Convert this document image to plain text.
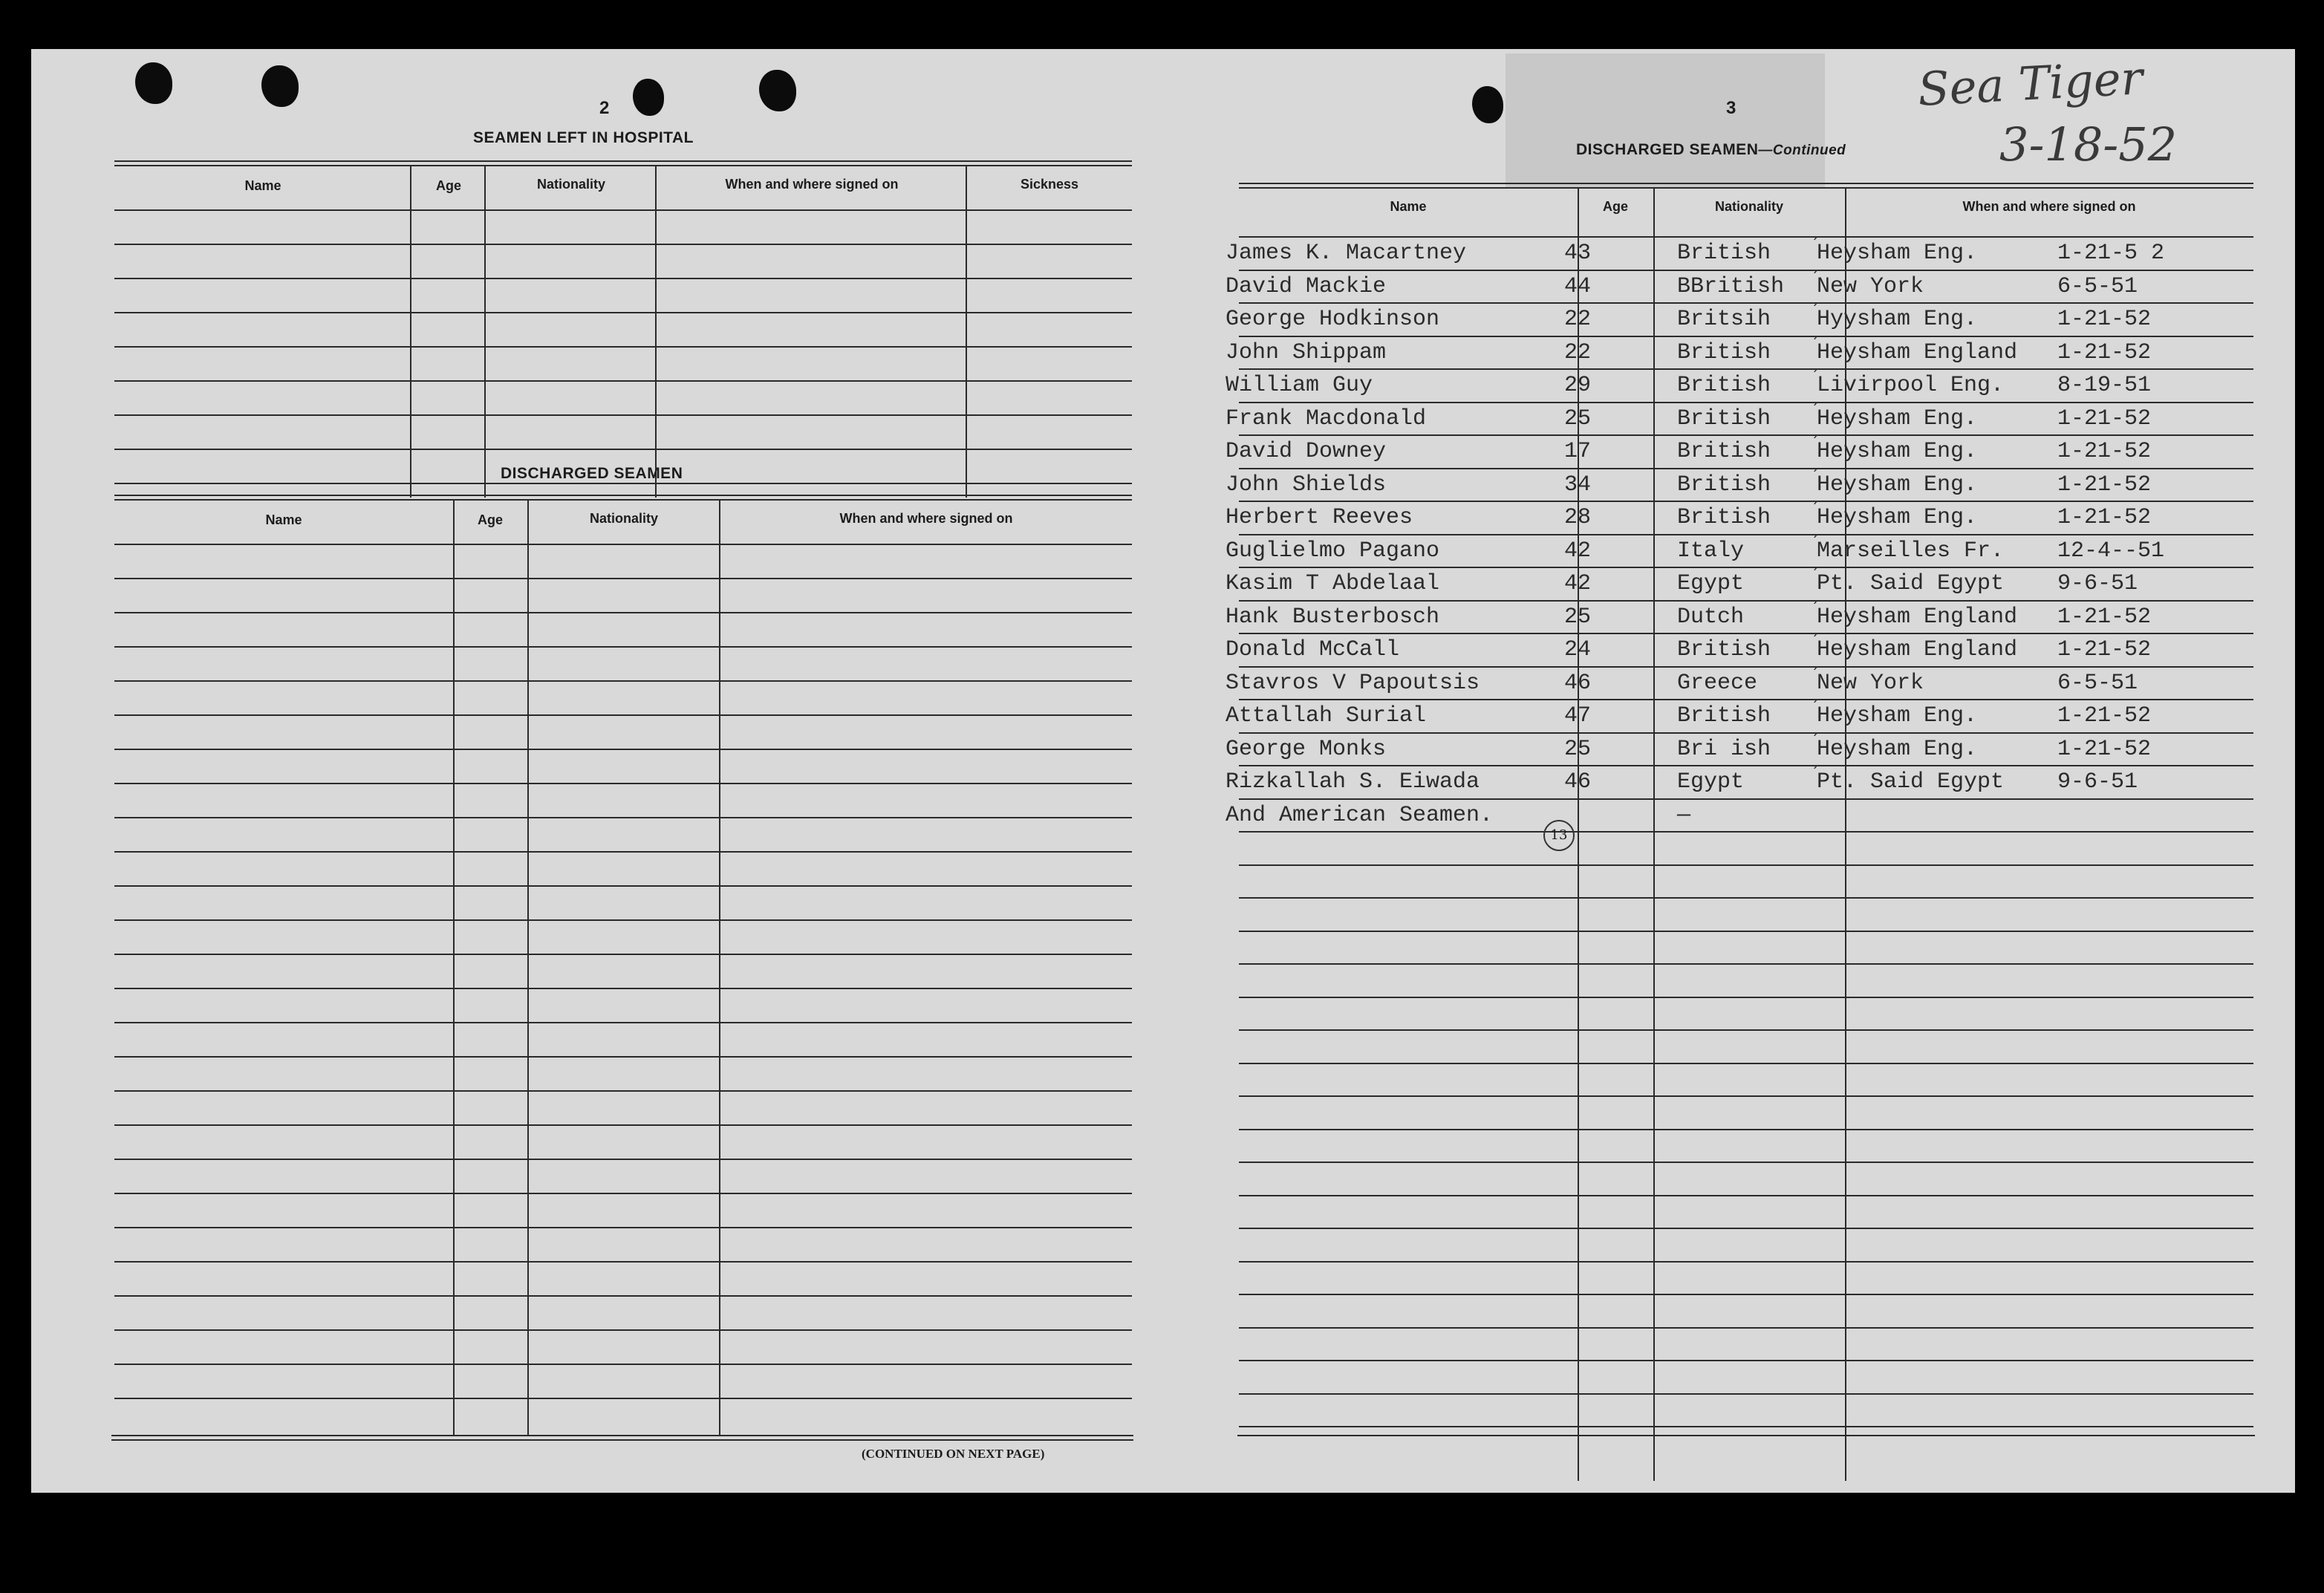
2
SEAMEN LEFT IN HOSPITAL
Name	Age	Nationality	When and where signed on	Sickness
DISCHARGED SEAMEN
Name	Age	Nationality	When and where signed on
(CONTINUED ON NEXT PAGE)
3
DISCHARGED SEAMEN—Continued
Sea Tiger
3-18-52
Name	Age	Nationality	When and where signed on
James K. Macartney	43	British Heysham Eng.	1-21-5 2
´
David Mackie	44	BBritish New York	6-5-51
´
George Hodkinson	22	Britsih Hyysham Eng.	1-21-52
´
John Shippam	22	British Heysham England 1-21-52
´
William Guy	29	British Livirpool Eng. 8-19-51
´
Frank Macdonald	25	British Heysham Eng.	1-21-52
´
David Downey	17	British Heysham Eng.	1-21-52
´
John Shields	34	British Heysham Eng.	1-21-52
´
Herbert Reeves	28	British Heysham Eng.	1-21-52
´
Guglielmo Pagano	42	Italy	Marseilles Fr. 12-4--51
´
Kasim T Abdelaal	42	Egypt	Pt. Said Egypt 9-6-51
´
Hank Busterbosch	25	Dutch	Heysham England 1-21-52
´
Donald McCall	24	British Heysham England 1-21-52
´
Stavros V Papoutsis	46	Greece	New York	6-5-51
´
Attallah Surial	47	British Heysham Eng.	1-21-52
´
George Monks	25	Bri ish Heysham Eng.	1-21-52
´
Rizkallah S. Eiwada	46	Egypt	Pt. Said Egypt 9-6-51
´
And American Seamen.	—
13
